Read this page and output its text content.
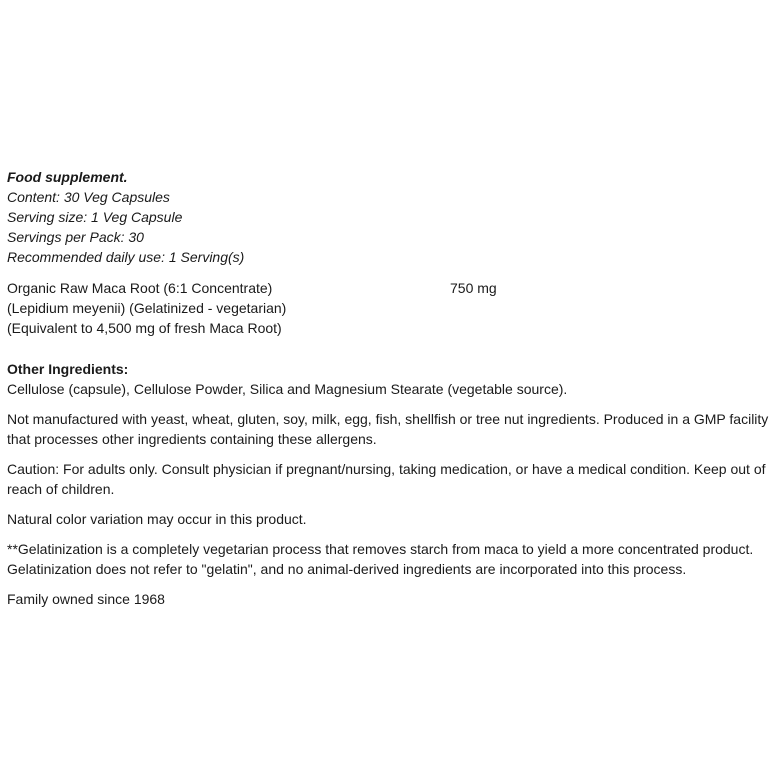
Food supplement.
Content: 30 Veg Capsules
Serving size: 1 Veg Capsule
Servings per Pack: 30
Recommended daily use: 1 Serving(s)
Organic Raw Maca Root (6:1 Concentrate)	750 mg
(Lepidium meyenii) (Gelatinized - vegetarian)
(Equivalent to 4,500 mg of fresh Maca Root)
Other Ingredients:
Cellulose (capsule), Cellulose Powder, Silica and Magnesium Stearate (vegetable source).
Not manufactured with yeast, wheat, gluten, soy, milk, egg, fish, shellfish or tree nut ingredients. Produced in a GMP facility that processes other ingredients containing these allergens.
Caution: For adults only. Consult physician if pregnant/nursing, taking medication, or have a medical condition. Keep out of reach of children.
Natural color variation may occur in this product.
**Gelatinization is a completely vegetarian process that removes starch from maca to yield a more concentrated product. Gelatinization does not refer to "gelatin", and no animal-derived ingredients are incorporated into this process.
Family owned since 1968
